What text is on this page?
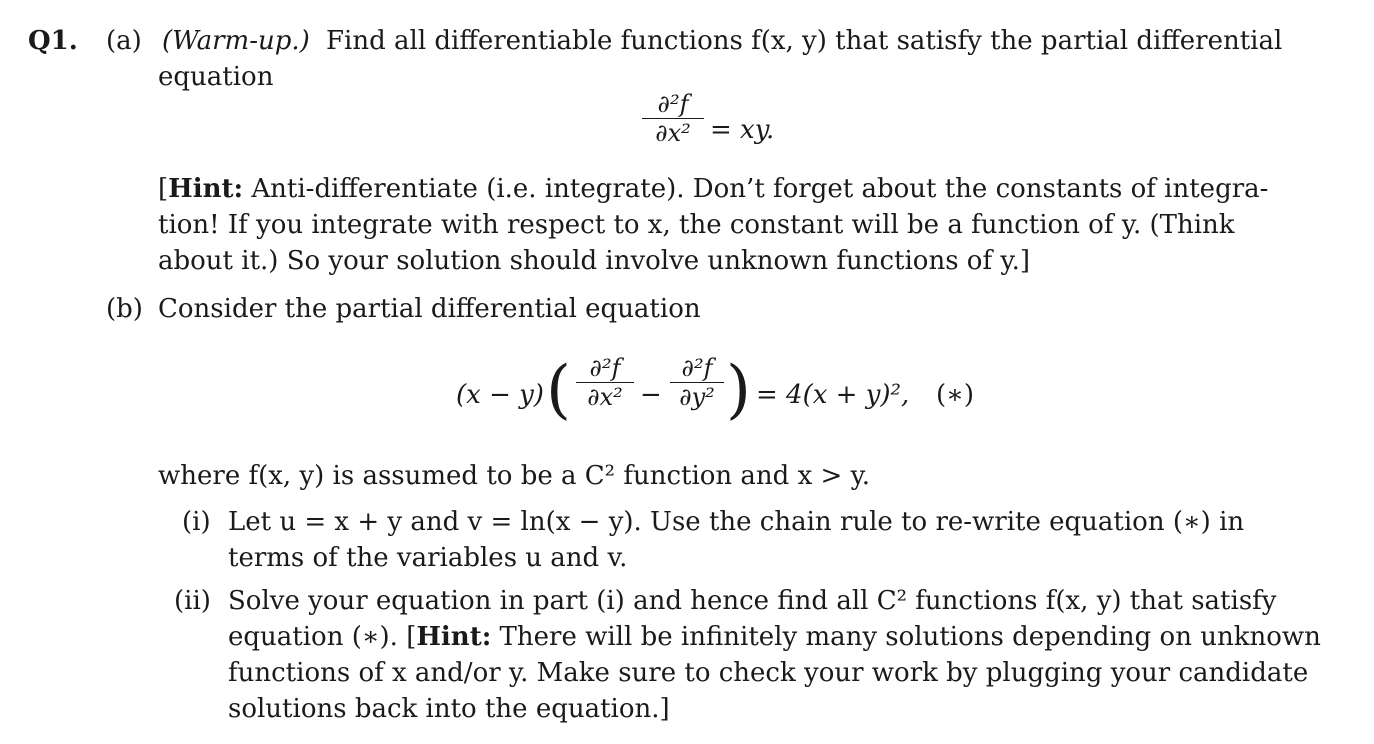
Q1. (a) (Warm-up.) Find all differentiable functions f(x, y) that satisfy the partial differential
equation
∂²f
∂x² = xy.
[Hint: Anti-differentiate (i.e. integrate). Don’t forget about the constants of integra-
tion! If you integrate with respect to x, the constant will be a function of y. (Think
about it.) So your solution should involve unknown functions of y.]
(b) Consider the partial differential equation
(x − y) ( ∂²f
∂x² −
∂²f
∂y² ) = 4(x + y)², (∗)
where f(x, y) is assumed to be a C² function and x > y.
(i) Let u = x + y and v = ln(x − y). Use the chain rule to re-write equation (∗) in
terms of the variables u and v.
(ii) Solve your equation in part (i) and hence find all C² functions f(x, y) that satisfy
equation (∗). [Hint: There will be infinitely many solutions depending on unknown
functions of x and/or y. Make sure to check your work by plugging your candidate
solutions back into the equation.]
